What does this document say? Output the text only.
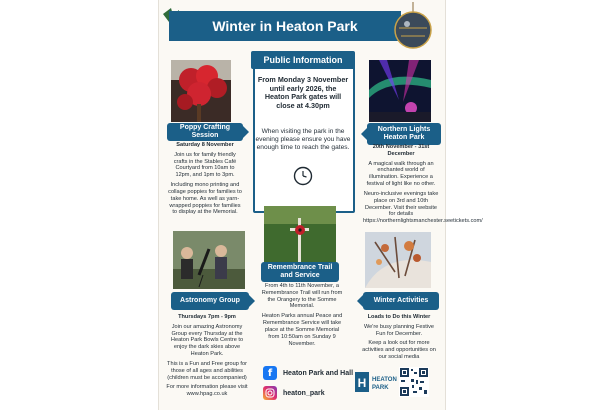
Winter in Heaton Park
Poppy Crafting Session

Saturday 8 November

Join us for family friendly crafts in the Stables Café Courtyard from 10am to 12pm, and 1pm to 3pm.

Including mono printing and collage poppies for families to take home. As well as yarn-wrapped poppies for families to display at the Memorial.

Public Information
From Monday 3 November until early 2026, the Heaton Park gates will close at 4.30pm
When visiting the park in the evening please ensure you have enough time to reach the gates.
Northern Lights Heaton Park

20th November - 31st December

A magical walk through an enchanted world of illumination. Experience a festival of light like no other.

Neuro-inclusive evenings take place on 3rd and 10th December. Visit their website for details https://northernlightsmanchester.seetickets.com/

Remembrance Trail and Service

From 4th to 11th November, a Remembrance Trail will run from the Orangery to the Somme Memorial.

Heaton Parks annual Peace and Remembrance Service will take place at the Somme Memorial from 10:50am on Sunday 9 November.

Astronomy Group

Thursdays 7pm - 9pm

Join our amazing Astronomy Group every Thursday at the Heaton Park Bowls Centre to enjoy the dark skies above Heaton Park.

This is a Fun and Free group for those of all ages and abilities (children must be accompanied)

For more information please visit

www.hpag.co.uk

Winter Activities

Loads to Do this Winter

We're busy planning Festive Fun for December.

Keep a look out for more activities and opportunities on our social media

f	Heaton Park and Hall
heaton_park
H HEATON
PARK
